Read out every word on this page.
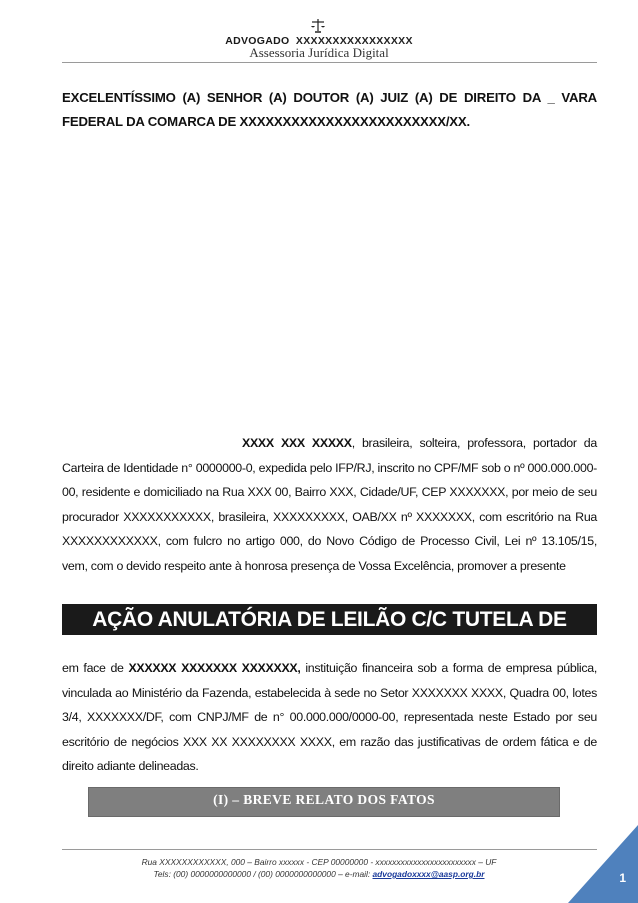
ADVOGADO XXXXXXXXXXXXXXXX
Assessoria Jurídica Digital
EXCELENTÍSSIMO (A) SENHOR (A) DOUTOR (A) JUIZ (A) DE DIREITO DA _ VARA FEDERAL DA COMARCA DE XXXXXXXXXXXXXXXXXXXXXXXX/XX.
XXXX XXX XXXXX, brasileira, solteira, professora, portador da Carteira de Identidade n° 0000000-0, expedida pelo IFP/RJ, inscrito no CPF/MF sob o nº 000.000.000-00, residente e domiciliado na Rua XXX 00, Bairro XXX, Cidade/UF, CEP XXXXXXX, por meio de seu procurador XXXXXXXXXXX, brasileira, XXXXXXXXX, OAB/XX nº XXXXXXX, com escritório na Rua XXXXXXXXXXXX, com fulcro no artigo 000, do Novo Código de Processo Civil, Lei nº 13.105/15, vem, com o devido respeito ante à honrosa presença de Vossa Excelência, promover a presente
AÇÃO ANULATÓRIA DE LEILÃO C/C TUTELA DE URGÊNCIA
em face de XXXXXX XXXXXXX XXXXXXX, instituição financeira sob a forma de empresa pública, vinculada ao Ministério da Fazenda, estabelecida à sede no Setor XXXXXXX XXXX, Quadra 00, lotes 3/4, XXXXXXX/DF, com CNPJ/MF de n° 00.000.000/0000-00, representada neste Estado por seu escritório de negócios XXX XX XXXXXXXX XXXX, em razão das justificativas de ordem fática e de direito adiante delineadas.
(I) – BREVE RELATO DOS FATOS
Rua XXXXXXXXXXXX, 000 – Bairro xxxxxx - CEP 00000000 - xxxxxxxxxxxxxxxxxxxxxxxx – UF
Tels: (00) 0000000000000 / (00) 0000000000000 – e-mail: advogadoxxxx@aasp.org.br	1
